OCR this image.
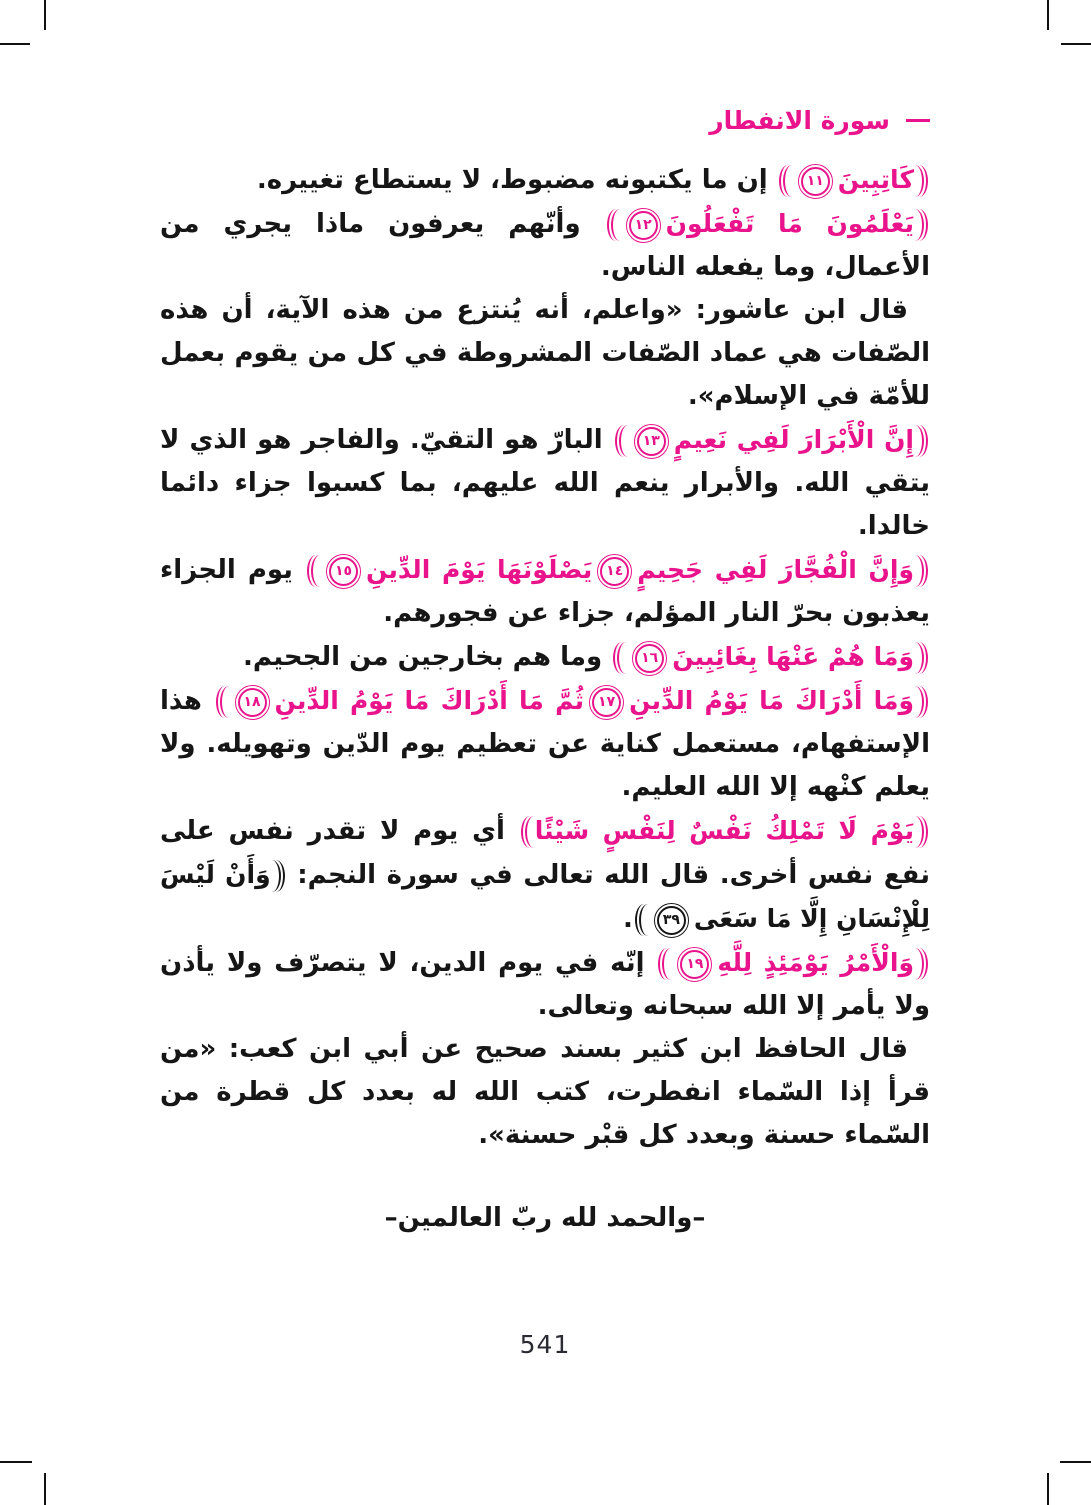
سورة الانفطار

كَاتِبِينَ١١ إن ما يكتبونه مضبوط، لا يستطاع تغييره.

يَعْلَمُونَ مَا تَفْعَلُونَ١٢ وأنّهم يعرفون ماذا يجري من الأعمال، وما يفعله الناس.

قال ابن عاشور: «واعلم، أنه يُنتزع من هذه الآية، أن هذه الصّفات هي عماد الصّفات المشروطة في كل من يقوم بعمل للأمّة في الإسلام».

إِنَّ الْأَبْرَارَ لَفِي نَعِيمٍ١٣ البارّ هو التقيّ. والفاجر هو الذي لا يتقي الله. والأبرار ينعم الله عليهم، بما كسبوا جزاء دائما خالدا.

وَإِنَّ الْفُجَّارَ لَفِي جَحِيمٍ١٤يَصْلَوْنَهَا يَوْمَ الدِّينِ١٥ يوم الجزاء يعذبون بحرّ النار المؤلم، جزاء عن فجورهم.

وَمَا هُمْ عَنْهَا بِغَائِبِينَ١٦ وما هم بخارجين من الجحيم.

وَمَا أَدْرَاكَ مَا يَوْمُ الدِّينِ١٧ثُمَّ مَا أَدْرَاكَ مَا يَوْمُ الدِّينِ١٨ هذا الإستفهام، مستعمل كناية عن تعظيم يوم الدّين وتهويله. ولا يعلم كنْهه إلا الله العليم.

يَوْمَ لَا تَمْلِكُ نَفْسٌ لِنَفْسٍ شَيْئًا أي يوم لا تقدر نفس على نفع نفس أخرى. قال الله تعالى في سورة النجم: وَأَنْ لَيْسَ لِلْإِنْسَانِ إِلَّا مَا سَعَى٣٩.

وَالْأَمْرُ يَوْمَئِذٍ لِلَّهِ١٩ إنّه في يوم الدين، لا يتصرّف ولا يأذن ولا يأمر إلا الله سبحانه وتعالى.

قال الحافظ ابن كثير بسند صحيح عن أبي ابن كعب: «من قرأ إذا السّماء انفطرت، كتب الله له بعدد كل قطرة من السّماء حسنة وبعدد كل قبْر حسنة».

–والحمد لله ربّ العالمين–

541
